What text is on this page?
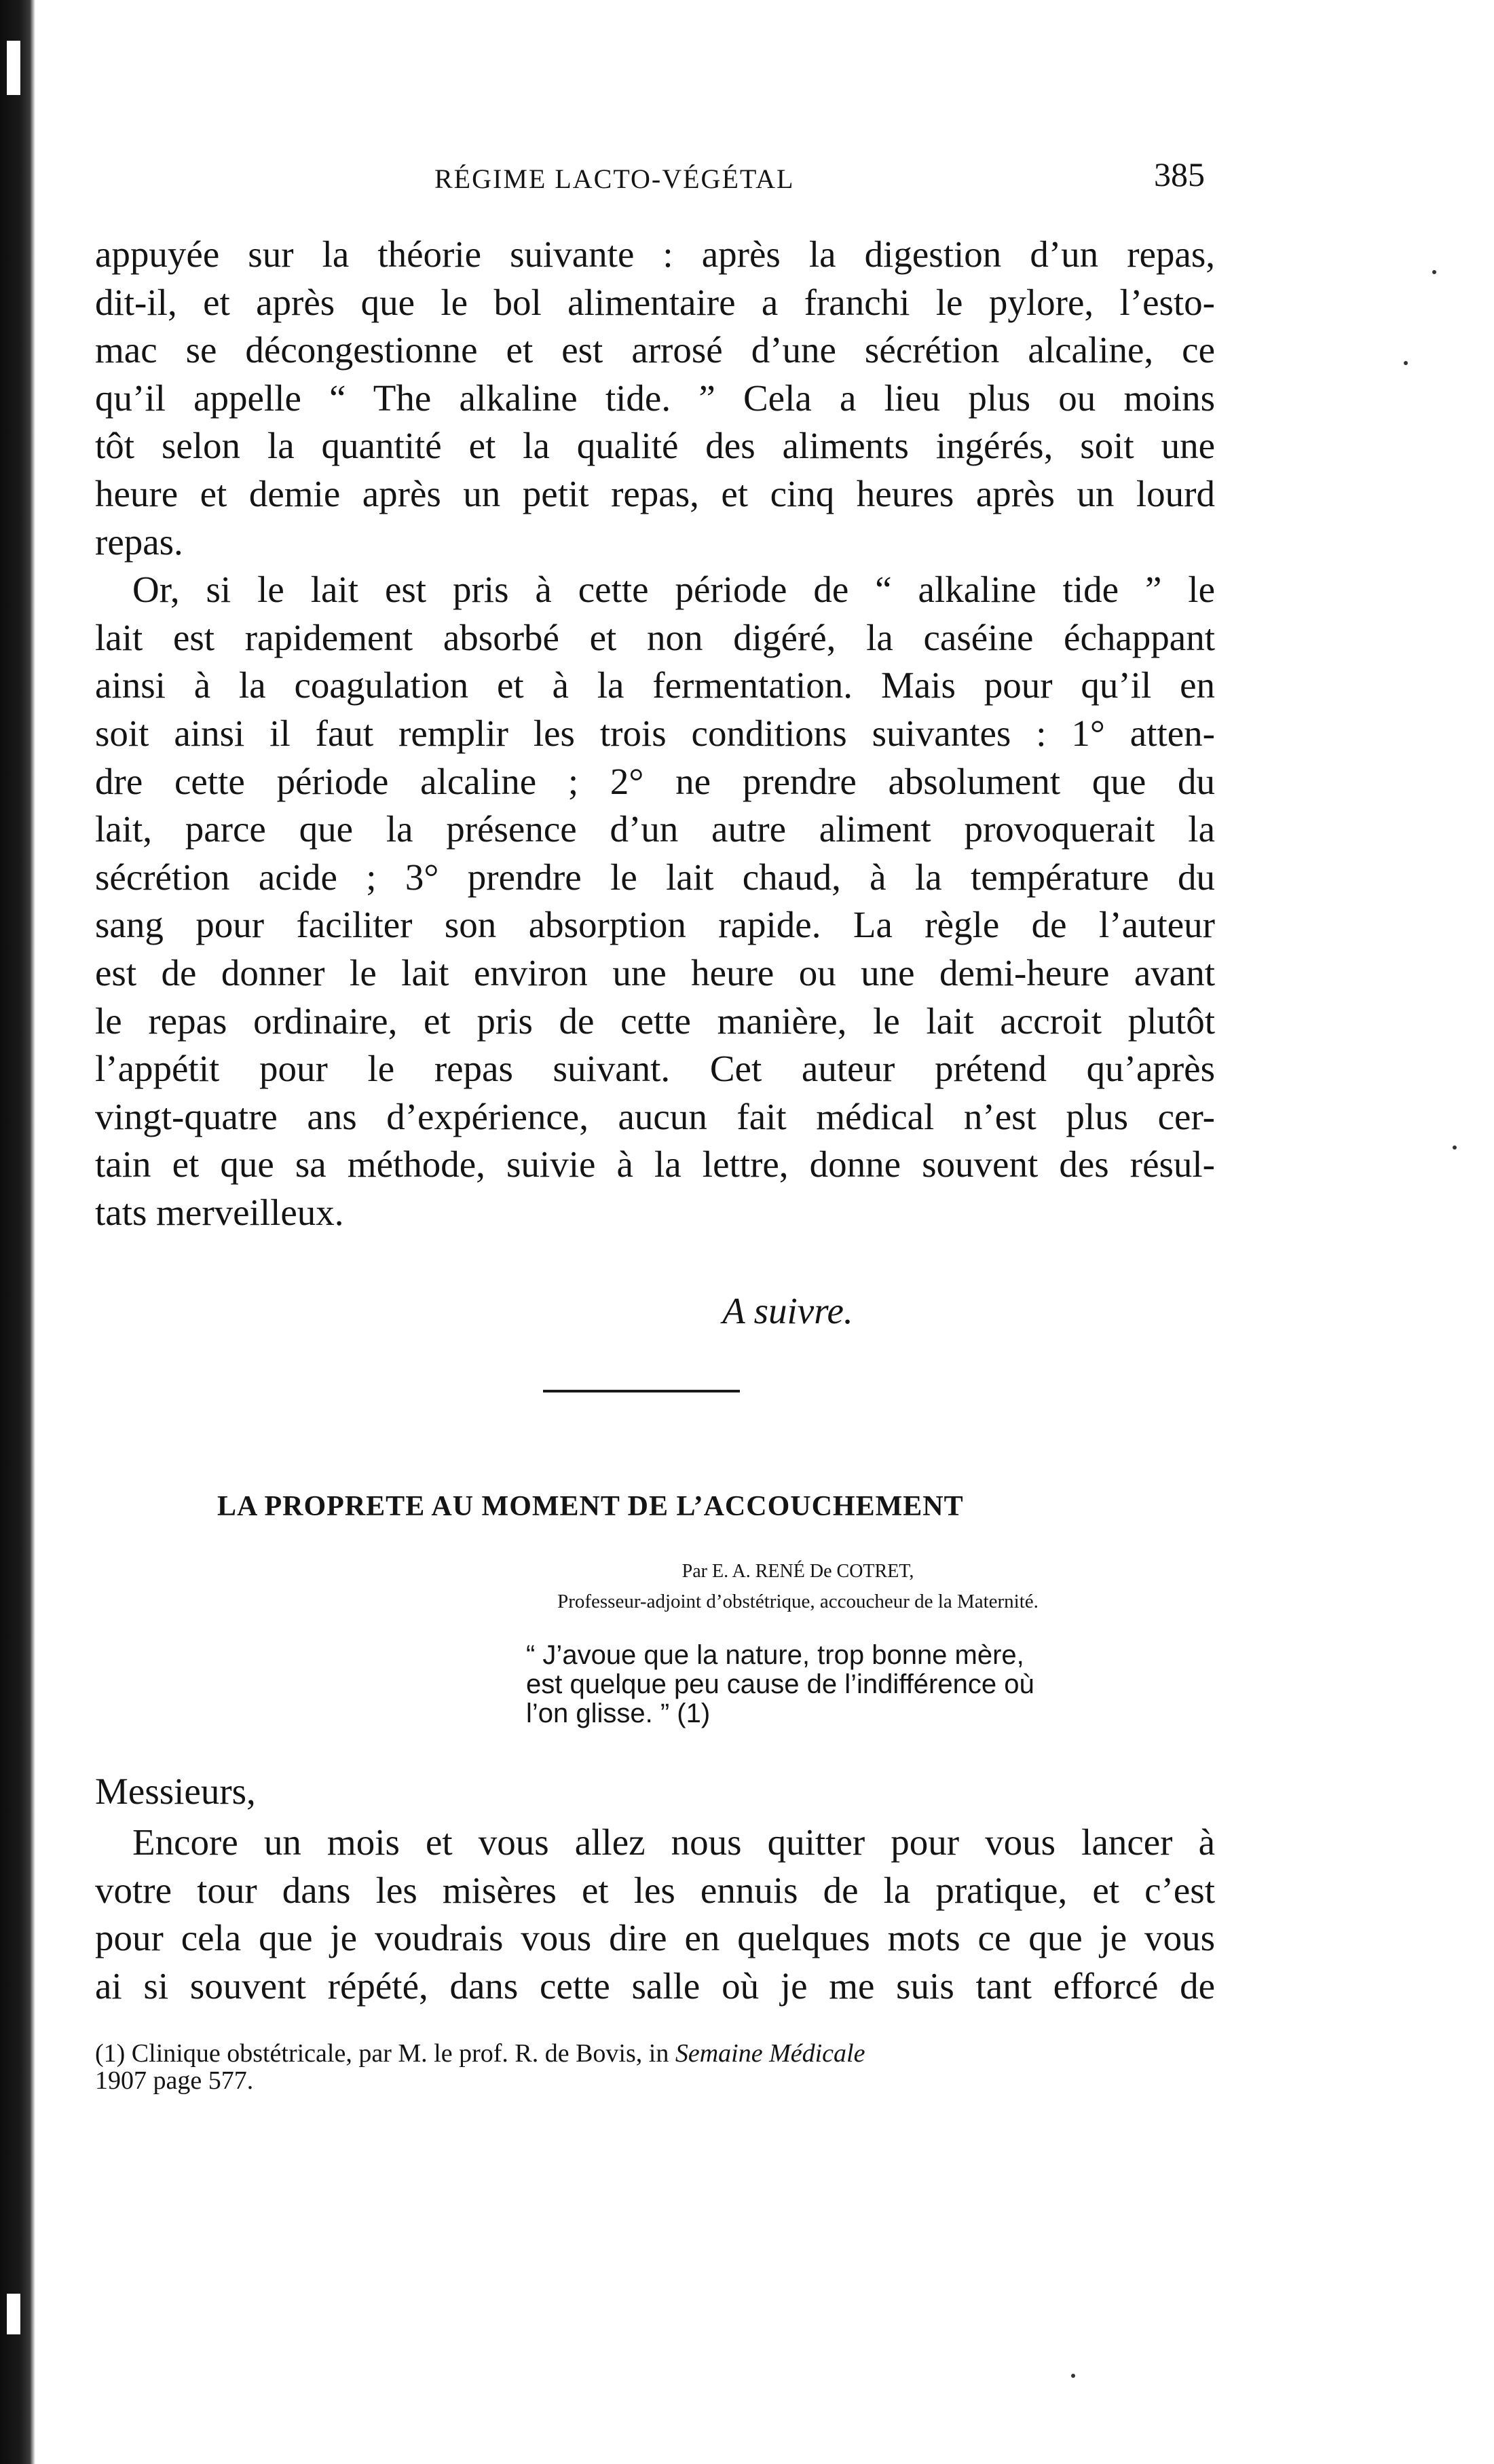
RÉGIME LACTO-VÉGÉTAL	385
appuyée sur la théorie suivante : après la digestion d’un repas,
dit-il, et après que le bol alimentaire a franchi le pylore, l’esto-
mac se décongestionne et est arrosé d’une sécrétion alcaline, ce
qu’il appelle “ The alkaline tide. ” Cela a lieu plus ou moins
tôt selon la quantité et la qualité des aliments ingérés, soit une
heure et demie après un petit repas, et cinq heures après un lourd
repas.
Or, si le lait est pris à cette période de “ alkaline tide ” le
lait est rapidement absorbé et non digéré, la caséine échappant
ainsi à la coagulation et à la fermentation. Mais pour qu’il en
soit ainsi il faut remplir les trois conditions suivantes : 1° atten-
dre cette période alcaline ; 2° ne prendre absolument que du
lait, parce que la présence d’un autre aliment provoquerait la
sécrétion acide ; 3° prendre le lait chaud, à la température du
sang pour faciliter son absorption rapide. La règle de l’auteur
est de donner le lait environ une heure ou une demi-heure avant
le repas ordinaire, et pris de cette manière, le lait accroit plutôt
l’appétit pour le repas suivant. Cet auteur prétend qu’après
vingt-quatre ans d’expérience, aucun fait médical n’est plus cer-
tain et que sa méthode, suivie à la lettre, donne souvent des résul-
tats merveilleux.
A suivre.
LA PROPRETE AU MOMENT DE L’ACCOUCHEMENT
Par E. A. RENÉ De COTRET,
Professeur-adjoint d’obstétrique, accoucheur de la Maternité.
“ J’avoue que la nature, trop bonne mère,
est quelque peu cause de l’indifférence où
l’on glisse. ” (1)
Messieurs,
Encore un mois et vous allez nous quitter pour vous lancer à
votre tour dans les misères et les ennuis de la pratique, et c’est
pour cela que je voudrais vous dire en quelques mots ce que je vous
ai si souvent répété, dans cette salle où je me suis tant efforcé de
(1) Clinique obstétricale, par M. le prof. R. de Bovis, in Semaine Médicale
1907 page 577.
